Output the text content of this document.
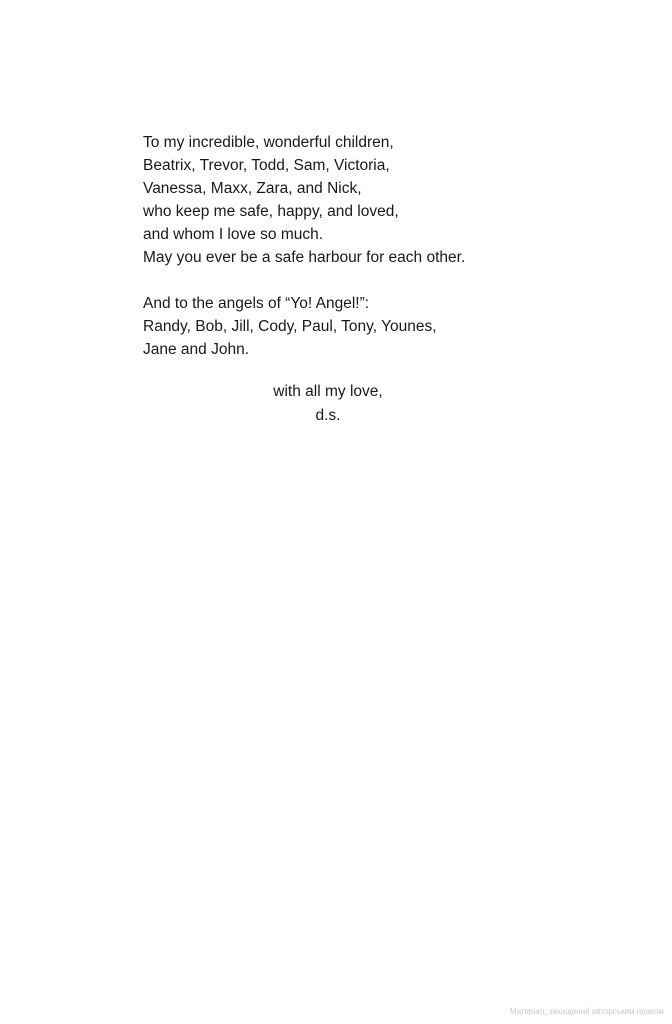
To my incredible, wonderful children,
Beatrix, Trevor, Todd, Sam, Victoria,
Vanessa, Maxx, Zara, and Nick,
who keep me safe, happy, and loved,
and whom I love so much.
May you ever be a safe harbour for each other.

And to the angels of “Yo! Angel!”:
Randy, Bob, Jill, Cody, Paul, Tony, Younes,
Jane and John.

with all my love,
d.s.
Матеріал, захищений авторським правом
